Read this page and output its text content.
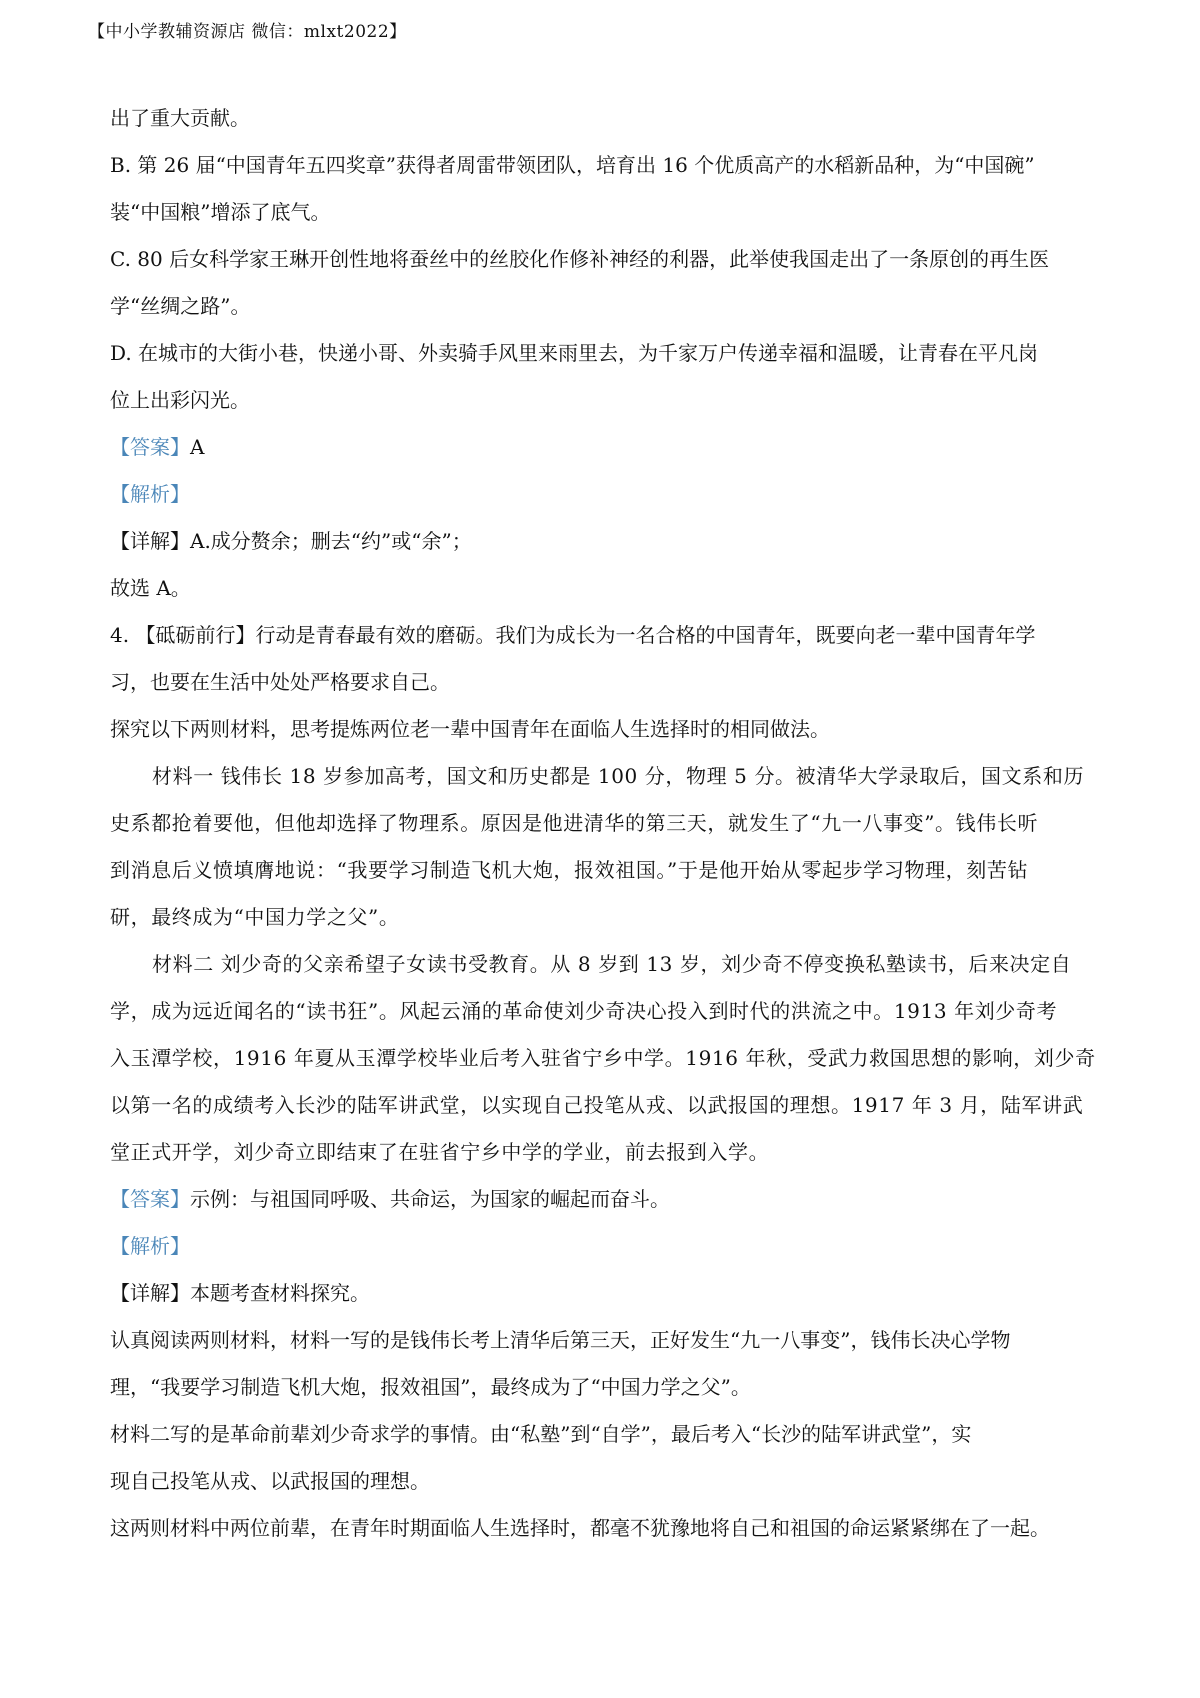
【中小学教辅资源店 微信：mlxt2022】
出了重大贡献。
B. 第 26 届“中国青年五四奖章”获得者周雷带领团队，培育出 16 个优质高产的水稻新品种，为“中国碗”
装“中国粮”增添了底气。
C. 80 后女科学家王琳开创性地将蚕丝中的丝胶化作修补神经的利器，此举使我国走出了一条原创的再生医
学“丝绸之路”。
D. 在城市的大街小巷，快递小哥、外卖骑手风里来雨里去，为千家万户传递幸福和温暖，让青春在平凡岗
位上出彩闪光。
【答案】A
【解析】
【详解】A.成分赘余；删去“约”或“余”；
故选 A。
4. 【砥砺前行】行动是青春最有效的磨砺。我们为成长为一名合格的中国青年，既要向老一辈中国青年学
习，也要在生活中处处严格要求自己。
探究以下两则材料，思考提炼两位老一辈中国青年在面临人生选择时的相同做法。
材料一 钱伟长 18 岁参加高考，国文和历史都是 100 分，物理 5 分。被清华大学录取后，国文系和历
史系都抢着要他，但他却选择了物理系。原因是他进清华的第三天，就发生了“九一八事变”。钱伟长听
到消息后义愤填膺地说：“我要学习制造飞机大炮，报效祖国。”于是他开始从零起步学习物理，刻苦钻
研，最终成为“中国力学之父”。
材料二 刘少奇的父亲希望子女读书受教育。从 8 岁到 13 岁，刘少奇不停变换私塾读书，后来决定自
学，成为远近闻名的“读书狂”。风起云涌的革命使刘少奇决心投入到时代的洪流之中。1913 年刘少奇考
入玉潭学校，1916 年夏从玉潭学校毕业后考入驻省宁乡中学。1916 年秋，受武力救国思想的影响，刘少奇
以第一名的成绩考入长沙的陆军讲武堂，以实现自己投笔从戎、以武报国的理想。1917 年 3 月，陆军讲武
堂正式开学，刘少奇立即结束了在驻省宁乡中学的学业，前去报到入学。
【答案】示例：与祖国同呼吸、共命运，为国家的崛起而奋斗。
【解析】
【详解】本题考查材料探究。
认真阅读两则材料，材料一写的是钱伟长考上清华后第三天，正好发生“九一八事变”，钱伟长决心学物
理，“我要学习制造飞机大炮，报效祖国”，最终成为了“中国力学之父”。
材料二写的是革命前辈刘少奇求学的事情。由“私塾”到“自学”，最后考入“长沙的陆军讲武堂”，实
现自己投笔从戎、以武报国的理想。
这两则材料中两位前辈，在青年时期面临人生选择时，都毫不犹豫地将自己和祖国的命运紧紧绑在了一起。
